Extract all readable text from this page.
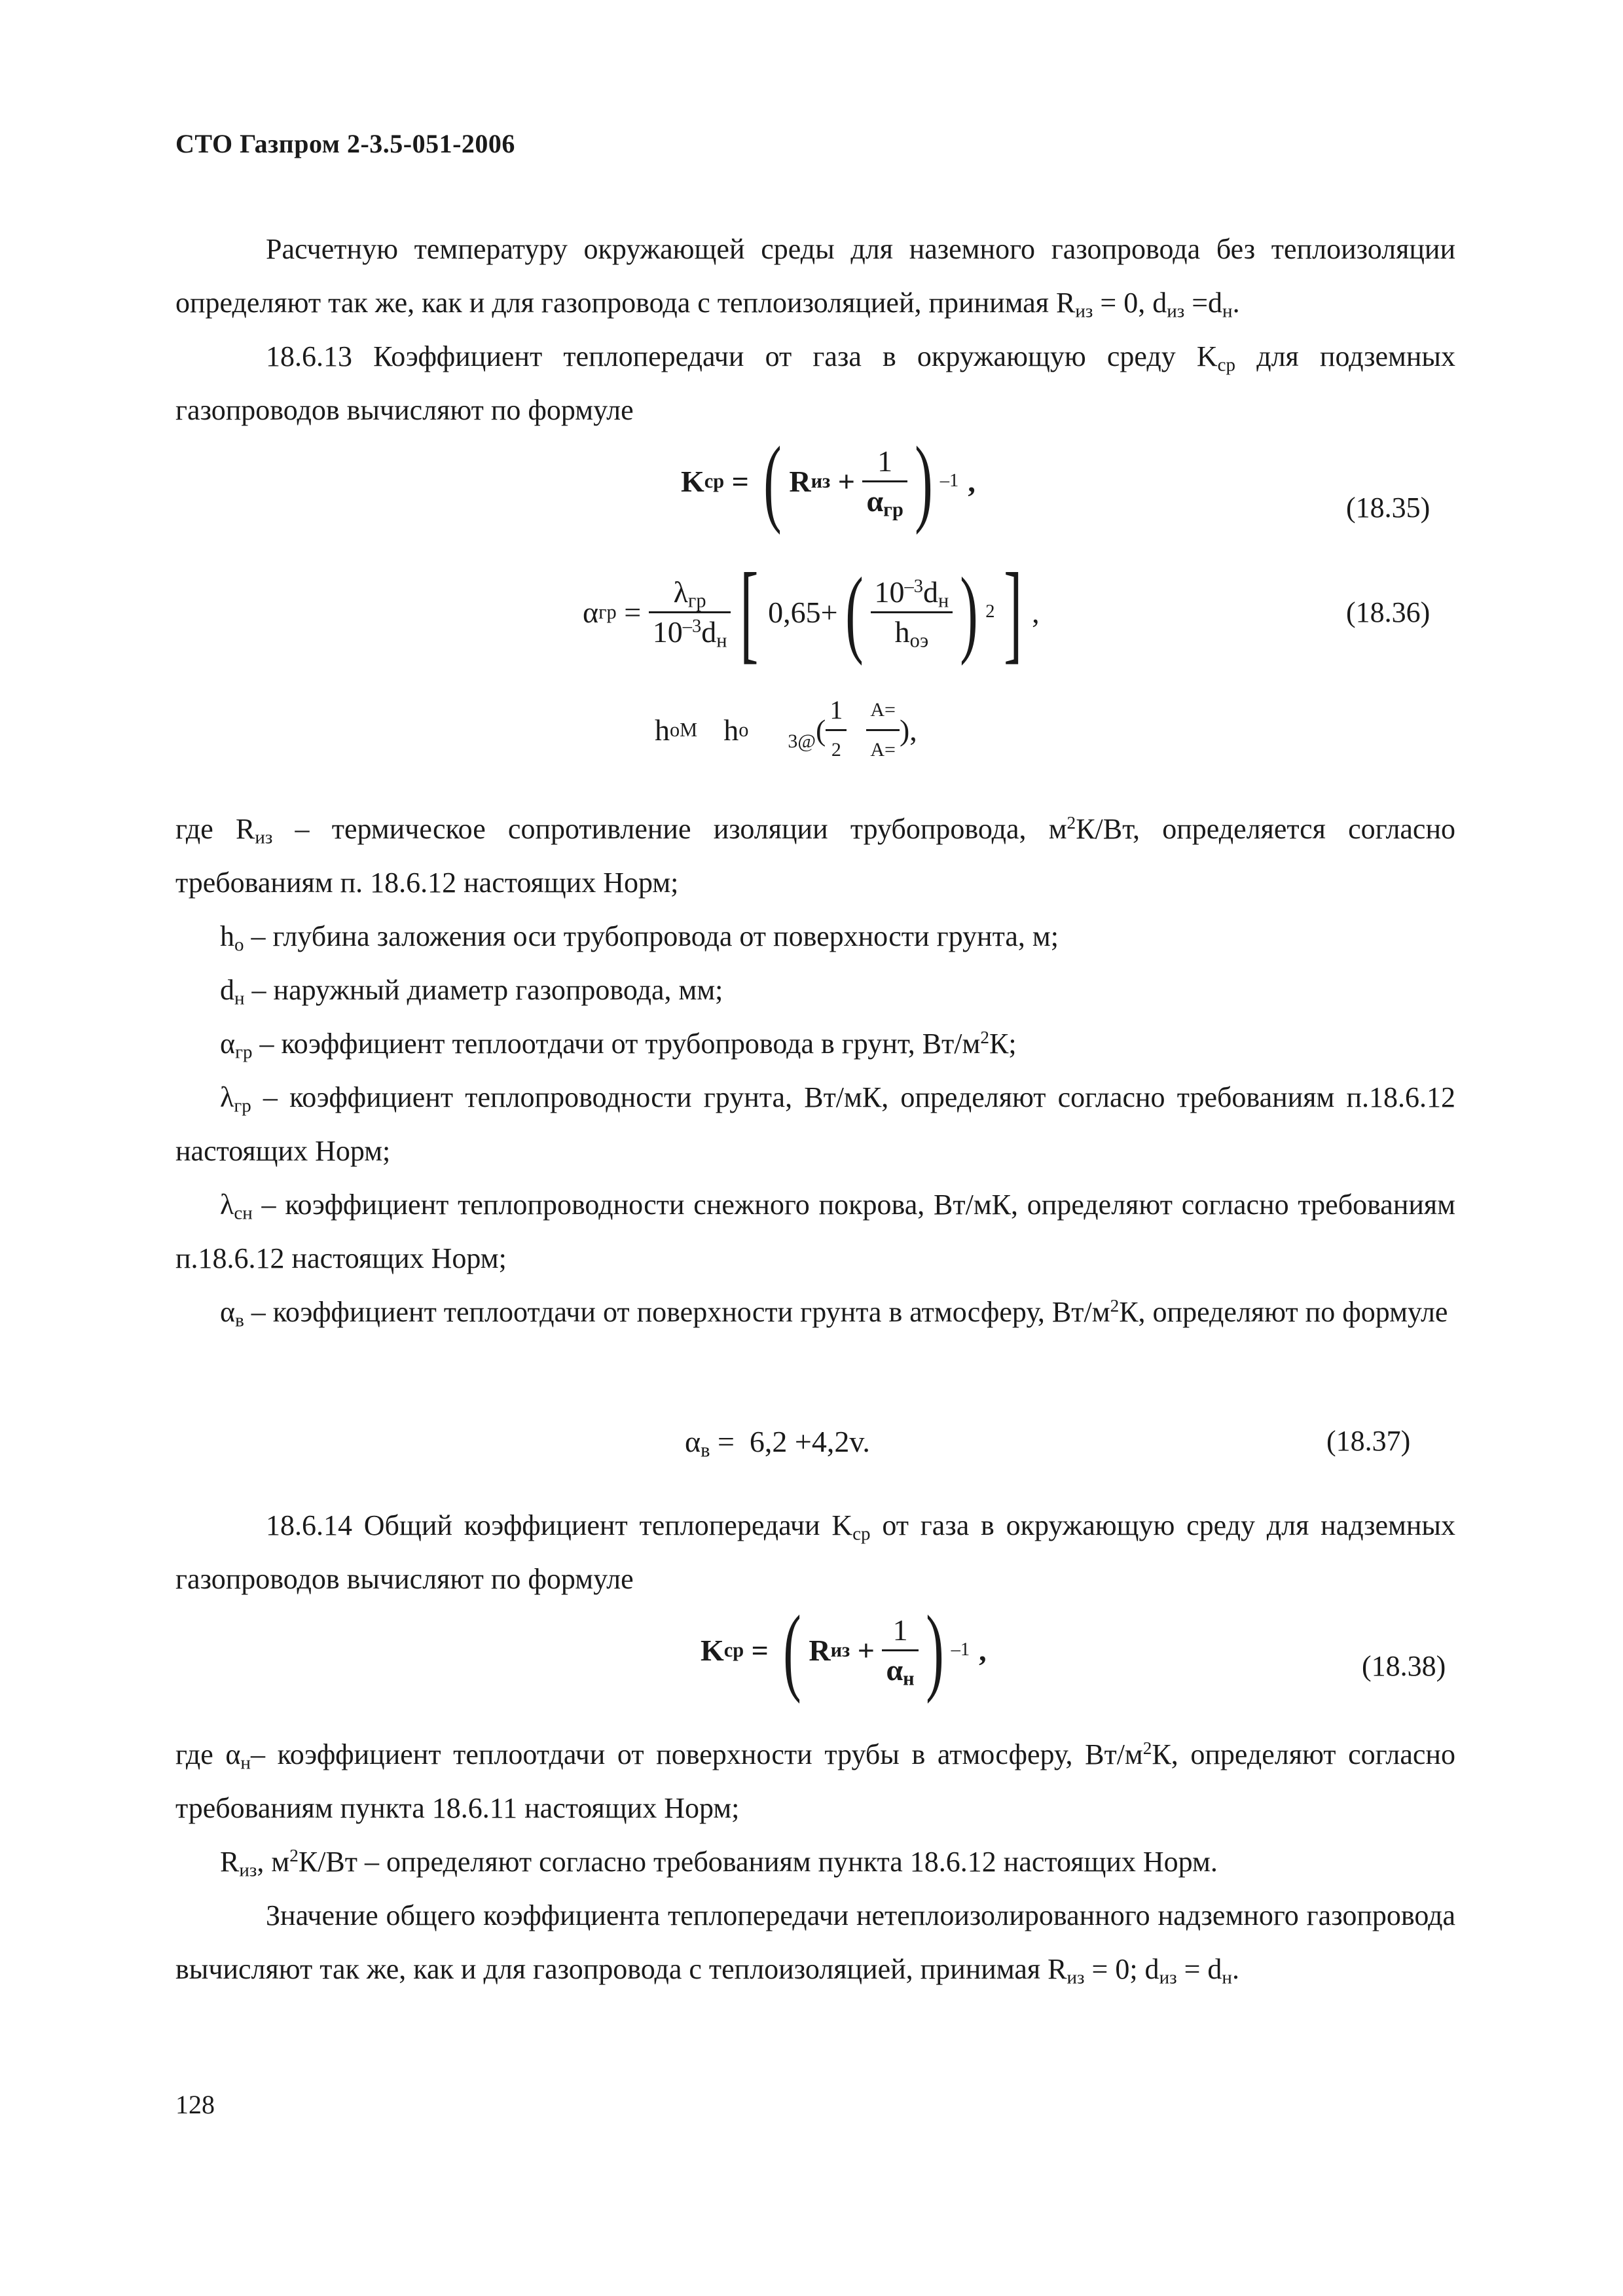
СТО Газпром 2-3.5-051-2006

Расчетную температуру окружающей среды для наземного газопровода без теплоизоляции определяют так же, как и для газопровода с теплоизоляцией, принимая $R_{из} = 0$, $d_{из} =d_н$.

18.6.13 Коэффициент теплопередачи от газа в окружающую среду $K_{ср}$ для подземных газопроводов вычисляют по формуле

K ср = ( R из + $\frac{1}{\alpha_{гр}}$ ) –1 ,
(18.35)
α гр = $\frac{\lambda_{гр}}{10^{-3}d_н}$ [ 0,65+ ( $\frac{10^{-3}d_н}{h_{оэ}}$ ) 2 ] ,	(18.36)
h оМ h о
3@ ( $\frac{1}{2} \frac{А=}{А=}$ ),

где $R_{из}$ – термическое сопротивление изоляции трубопровода, $м^2К/Вт$, определяется согласно требованиям п. 18.6.12 настоящих Норм;

$h_о$ – глубина заложения оси трубопровода от поверхности грунта, м;

$d_н$ – наружный диаметр газопровода, мм;

$\alpha_{гр}$ – коэффициент теплоотдачи от трубопровода в грунт, $Вт/м^2К$;

$\lambda_{гр}$ – коэффициент теплопроводности грунта, Вт/мК, определяют согласно требованиям п.18.6.12 настоящих Норм;

$\lambda_{сн}$ – коэффициент теплопроводности снежного покрова, Вт/мК, определяют согласно требованиям п.18.6.12 настоящих Норм;

$\alpha_в$ – коэффициент теплоотдачи от поверхности грунта в атмосферу, $Вт/м^2К$, определяют по формуле

$\alpha_в = 6,2 +4,2v$.	(18.37)

18.6.14 Общий коэффициент теплопередачи $K_{ср}$ от газа в окружающую среду для надземных газопроводов вычисляют по формуле

K ср = ( R из + $\frac{1}{\alpha_н}$ ) –1 ,	(18.38)

где $\alpha_н-$ коэффициент теплоотдачи от поверхности трубы в атмосферу, $Вт/м^2К$, определяют согласно требованиям пункта 18.6.11 настоящих Норм;

$R_{из}$, $м^2К/Вт$ – определяют согласно требованиям пункта 18.6.12 настоящих Норм.

Значение общего коэффициента теплопередачи нетеплоизолированного надземного газопровода вычисляют так же, как и для газопровода с теплоизоляцией, принимая $R_{из} = 0$; $d_{из} = d_н$.

128
